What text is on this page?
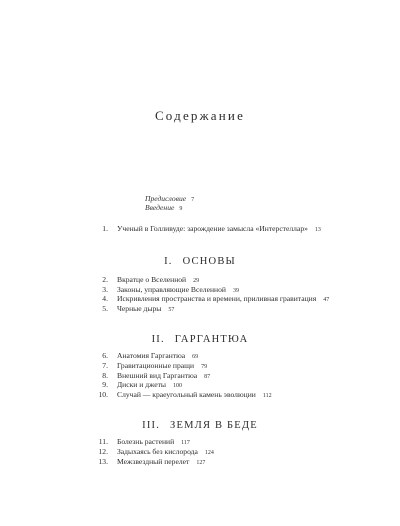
Содержание
Предисловие 7
Введение 9
1. Ученый в Голливуде: зарождение замысла «Интерстеллар» 13
I. ОСНОВЫ
2. Вкратце о Вселенной 29
3. Законы, управляющие Вселенной 39
4. Искривления пространства и времени, приливная гравитация 47
5. Черные дыры 57
II. ГАРГАНТЮА
6. Анатомия Гаргантюа 69
7. Гравитационные пращи 79
8. Внешний вид Гаргантюа 87
9. Диски и джеты 100
10. Случай — краеугольный камень эволюции 112
III. ЗЕМЛЯ В БЕДЕ
11. Болезнь растений 117
12. Задыхаясь без кислорода 124
13. Межзвездный перелет 127
